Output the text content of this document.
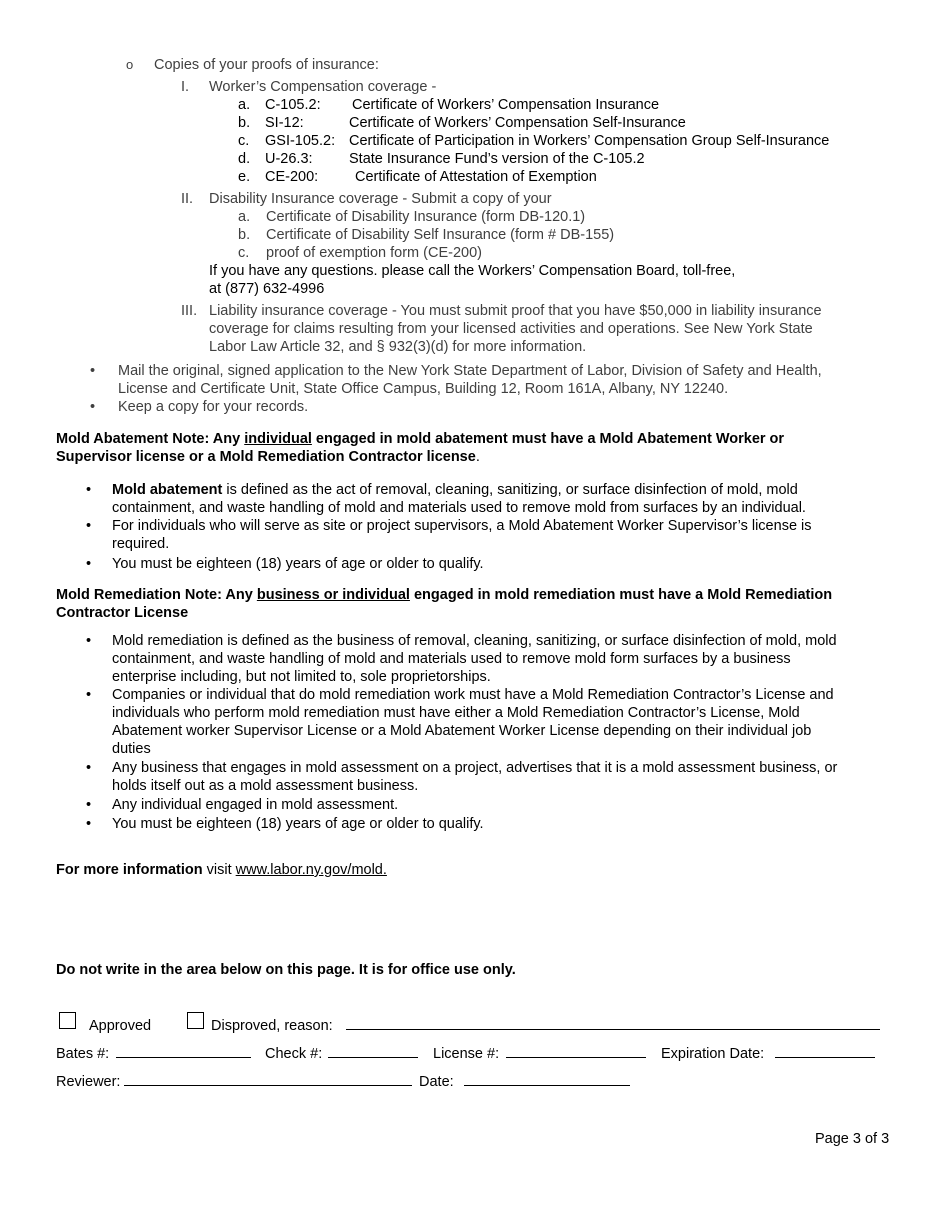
o Copies of your proofs of insurance:
I. Worker’s Compensation coverage -
a. C-105.2: Certificate of Workers’ Compensation Insurance
b. SI-12:	Certificate of Workers’ Compensation Self-Insurance
c. GSI-105.2: Certificate of Participation in Workers’ Compensation Group Self-Insurance
d. U-26.3:	State Insurance Fund’s version of the C-105.2
e. CE-200:	Certificate of Attestation of Exemption
II. Disability Insurance coverage - Submit a copy of your
a. Certificate of Disability Insurance (form DB-120.1)
b. Certificate of Disability Self Insurance (form # DB-155)
c. proof of exemption form (CE-200)
If you have any questions. please call the Workers’ Compensation Board, toll-free,
at (877) 632-4996
III. Liability insurance coverage - You must submit proof that you have $50,000 in liability insurance
coverage for claims resulting from your licensed activities and operations. See New York State
Labor Law Article 32, and § 932(3)(d) for more information.
• Mail the original, signed application to the New York State Department of Labor, Division of Safety and Health,
License and Certificate Unit, State Office Campus, Building 12, Room 161A, Albany, NY 12240.
• Keep a copy for your records.
Mold Abatement Note: Any individual engaged in mold abatement must have a Mold Abatement Worker or
Supervisor license or a Mold Remediation Contractor license.
• Mold abatement is defined as the act of removal, cleaning, sanitizing, or surface disinfection of mold, mold
containment, and waste handling of mold and materials used to remove mold from surfaces by an individual.
• For individuals who will serve as site or project supervisors, a Mold Abatement Worker Supervisor’s license is
required.
• You must be eighteen (18) years of age or older to qualify.
Mold Remediation Note: Any business or individual engaged in mold remediation must have a Mold Remediation
Contractor License
• Mold remediation is defined as the business of removal, cleaning, sanitizing, or surface disinfection of mold, mold
containment, and waste handling of mold and materials used to remove mold form surfaces by a business
enterprise including, but not limited to, sole proprietorships.
• Companies or individual that do mold remediation work must have a Mold Remediation Contractor’s License and
individuals who perform mold remediation must have either a Mold Remediation Contractor’s License, Mold
Abatement worker Supervisor License or a Mold Abatement Worker License depending on their individual job
duties
• Any business that engages in mold assessment on a project, advertises that it is a mold assessment business, or
holds itself out as a mold assessment business.
• Any individual engaged in mold assessment.
• You must be eighteen (18) years of age or older to qualify.
For more information visit www.labor.ny.gov/mold.
Do not write in the area below on this page. It is for office use only.
Approved	Disproved, reason:
Bates #:	Check #:	License #:	Expiration Date:
Reviewer:	Date:
Page 3 of 3
